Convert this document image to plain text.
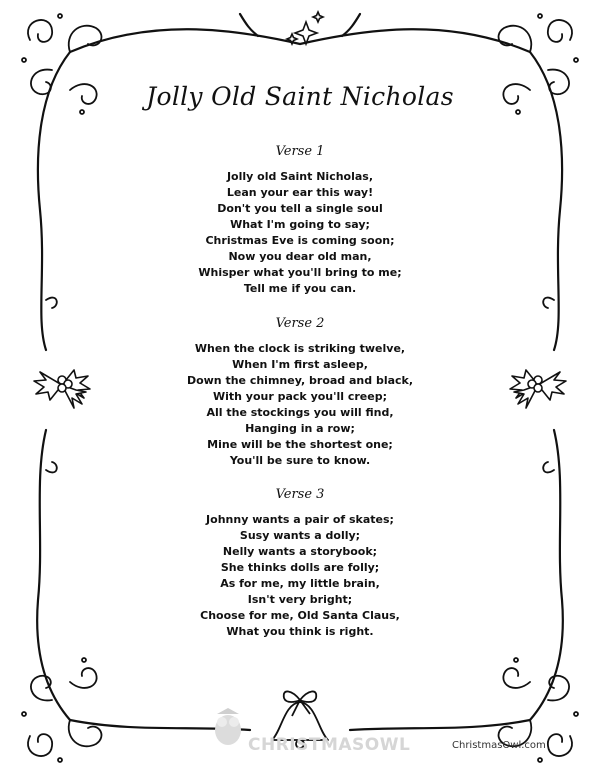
Jolly Old Saint Nicholas
Verse 1
Jolly old Saint Nicholas,
Lean your ear this way!
Don't you tell a single soul
What I'm going to say;
Christmas Eve is coming soon;
Now you dear old man,
Whisper what you'll bring to me;
Tell me if you can.
Verse 2
When the clock is striking twelve,
When I'm first asleep,
Down the chimney, broad and black,
With your pack you'll creep;
All the stockings you will find,
Hanging in a row;
Mine will be the shortest one;
You'll be sure to know.
Verse 3
Johnny wants a pair of skates;
Susy wants a dolly;
Nelly wants a storybook;
She thinks dolls are folly;
As for me, my little brain,
Isn't very bright;
Choose for me, Old Santa Claus,
What you think is right.
CHRISTMASOWL	ChristmasOwl.com
